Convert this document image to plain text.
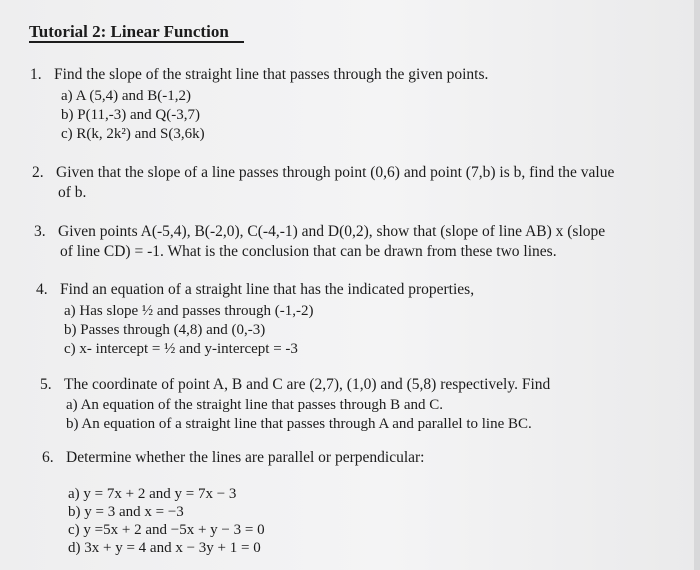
Tutorial 2: Linear Function
1. Find the slope of the straight line that passes through the given points.
a) A (5,4) and B(-1,2)
b) P(11,-3) and Q(-3,7)
c) R(k, 2k²) and S(3,6k)
2. Given that the slope of a line passes through point (0,6) and point (7,b) is b, find the value
of b.
3. Given points A(-5,4), B(-2,0), C(-4,-1) and D(0,2), show that (slope of line AB) x (slope
of line CD) = -1. What is the conclusion that can be drawn from these two lines.
4. Find an equation of a straight line that has the indicated properties,
a) Has slope ½ and passes through (-1,-2)
b) Passes through (4,8) and (0,-3)
c) x- intercept = ½ and y-intercept = -3
5. The coordinate of point A, B and C are (2,7), (1,0) and (5,8) respectively. Find
a) An equation of the straight line that passes through B and C.
b) An equation of a straight line that passes through A and parallel to line BC.
6. Determine whether the lines are parallel or perpendicular:
a) y = 7x + 2 and y = 7x − 3
b) y = 3 and x = −3
c) y =5x + 2 and −5x + y − 3 = 0
d) 3x + y = 4 and x − 3y + 1 = 0
